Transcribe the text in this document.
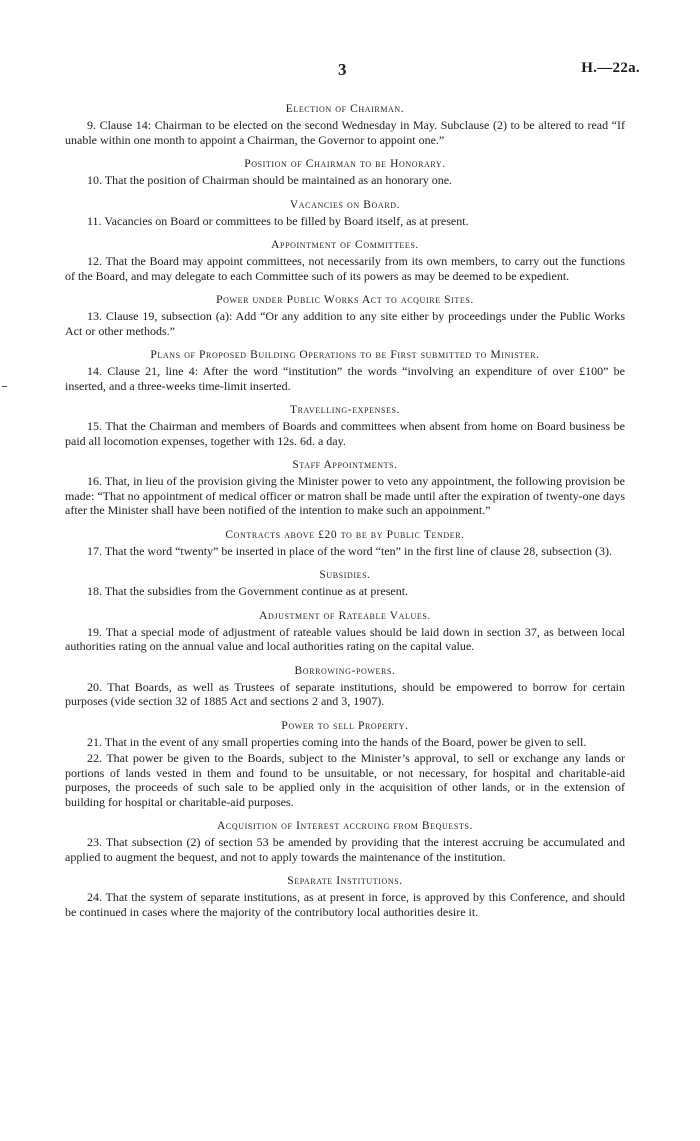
3	H.—22a.
Election of Chairman.

9. Clause 14: Chairman to be elected on the second Wednesday in May. Subclause (2) to be altered to read “If unable within one month to appoint a Chairman, the Governor to appoint one.”

Position of Chairman to be Honorary.

10. That the position of Chairman should be maintained as an honorary one.

Vacancies on Board.

11. Vacancies on Board or committees to be filled by Board itself, as at present.

Appointment of Committees.

12. That the Board may appoint committees, not necessarily from its own members, to carry out the functions of the Board, and may delegate to each Committee such of its powers as may be deemed to be expedient.

Power under Public Works Act to acquire Sites.

13. Clause 19, subsection (a): Add “Or any addition to any site either by proceedings under the Public Works Act or other methods.”

Plans of Proposed Building Operations to be First submitted to Minister.

14. Clause 21, line 4: After the word “institution” the words “involving an expenditure of over £100” be inserted, and a three-weeks time-limit inserted.

Travelling-expenses.

15. That the Chairman and members of Boards and committees when absent from home on Board business be paid all locomotion expenses, together with 12s. 6d. a day.

Staff Appointments.

16. That, in lieu of the provision giving the Minister power to veto any appointment, the following provision be made: “That no appointment of medical officer or matron shall be made until after the expiration of twenty-one days after the Minister shall have been notified of the intention to make such an appoinment.”

Contracts above £20 to be by Public Tender.

17. That the word “twenty” be inserted in place of the word “ten” in the first line of clause 28, subsection (3).

Subsidies.

18. That the subsidies from the Government continue as at present.

Adjustment of Rateable Values.

19. That a special mode of adjustment of rateable values should be laid down in section 37, as between local authorities rating on the annual value and local authorities rating on the capital value.

Borrowing-powers.

20. That Boards, as well as Trustees of separate institutions, should be empowered to borrow for certain purposes (vide section 32 of 1885 Act and sections 2 and 3, 1907).

Power to sell Property.

21. That in the event of any small properties coming into the hands of the Board, power be given to sell.

22. That power be given to the Boards, subject to the Minister’s approval, to sell or exchange any lands or portions of lands vested in them and found to be unsuitable, or not necessary, for hospital and charitable-aid purposes, the proceeds of such sale to be applied only in the acquisition of other lands, or in the extension of building for hospital or charitable-aid purposes.

Acquisition of Interest accruing from Bequests.

23. That subsection (2) of section 53 be amended by providing that the interest accruing be accumulated and applied to augment the bequest, and not to apply towards the maintenance of the institution.

Separate Institutions.

24. That the system of separate institutions, as at present in force, is approved by this Conference, and should be continued in cases where the majority of the contributory local authorities desire it.
